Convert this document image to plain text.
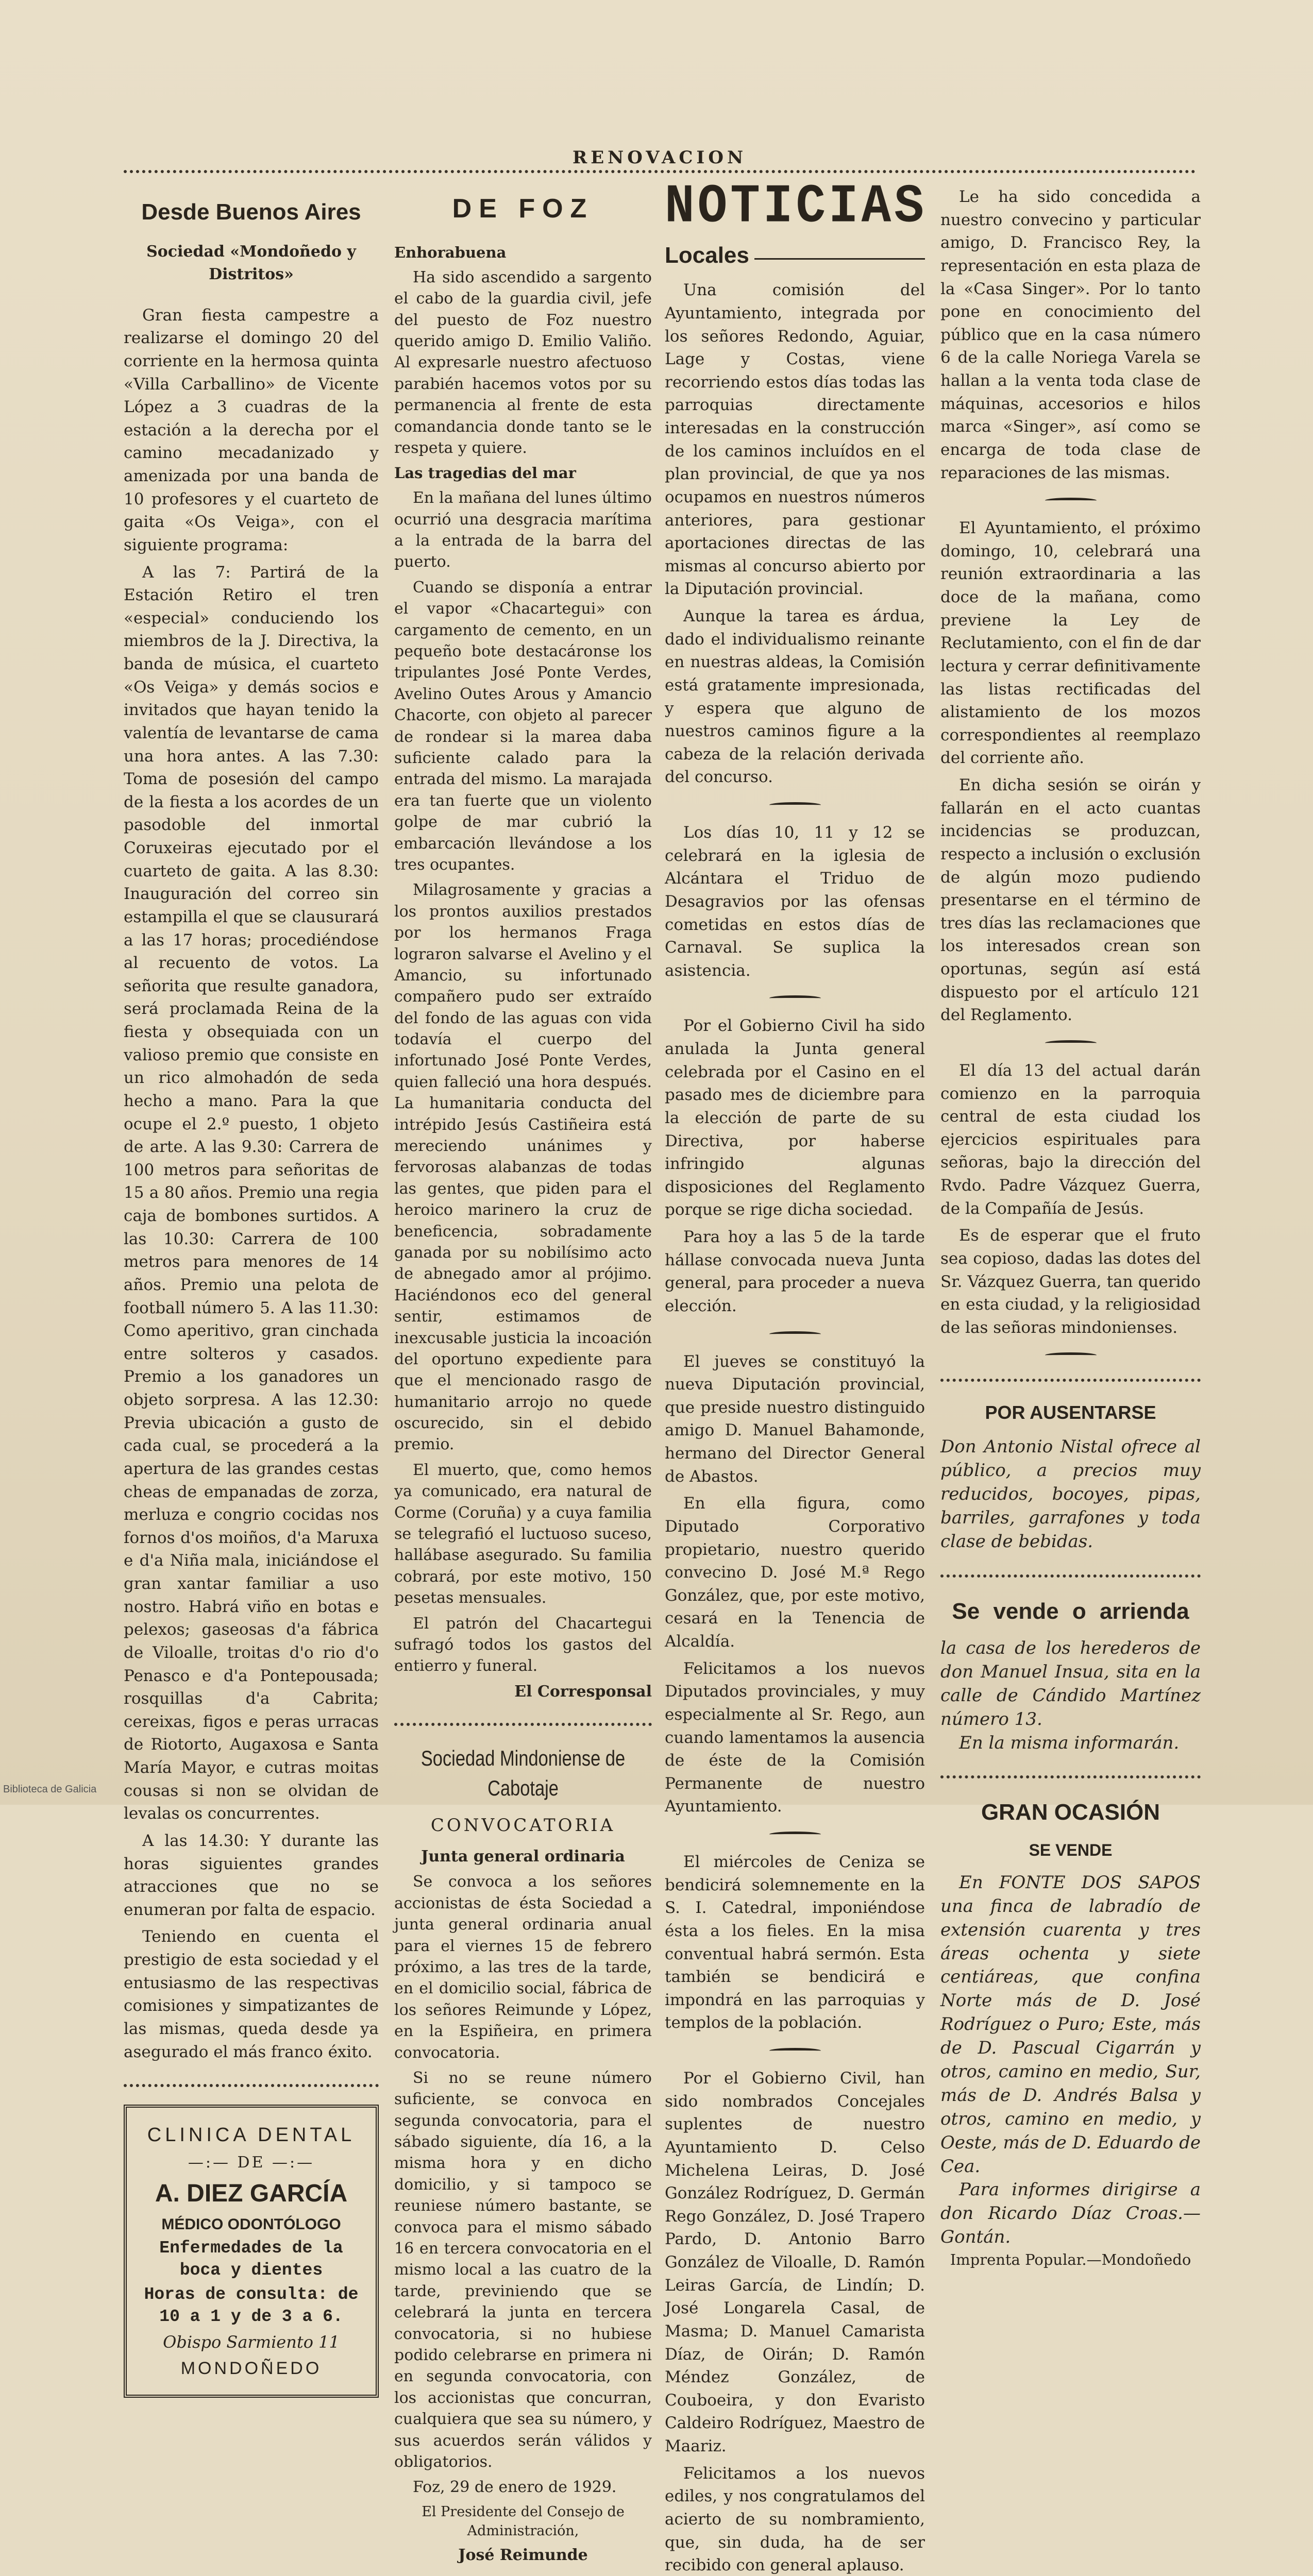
RENOVACION
Desde Buenos Aires
Sociedad «Mondoñedo y Distritos»

Gran fiesta campestre a realizarse el domingo 20 del corriente en la hermosa quinta «Villa Carballino» de Vicente López a 3 cuadras de la estación a la derecha por el camino mecadanizado y amenizada por una banda de 10 profesores y el cuarteto de gaita «Os Veiga», con el siguiente programa:

A las 7: Partirá de la Estación Retiro el tren «especial» conduciendo los miembros de la J. Directiva, la banda de música, el cuarteto «Os Veiga» y demás socios e invitados que hayan tenido la valentía de levantarse de cama una hora antes. A las 7.30: Toma de posesión del campo de la fiesta a los acordes de un pasodoble del inmortal Coruxeiras ejecutado por el cuarteto de gaita. A las 8.30: Inauguración del correo sin estampilla el que se clausurará a las 17 horas; procediéndose al recuento de votos. La señorita que resulte ganadora, será proclamada Reina de la fiesta y obsequiada con un valioso premio que consiste en un rico almohadón de seda hecho a mano. Para la que ocupe el 2.º puesto, 1 objeto de arte. A las 9.30: Carrera de 100 metros para señoritas de 15 a 80 años. Premio una regia caja de bombones surtidos. A las 10.30: Carrera de 100 metros para menores de 14 años. Premio una pelota de football número 5. A las 11.30: Como aperitivo, gran cinchada entre solteros y casados. Premio a los ganadores un objeto sorpresa. A las 12.30: Previa ubicación a gusto de cada cual, se procederá a la apertura de las grandes cestas cheas de empanadas de zorza, merluza e congrio cocidas nos fornos d'os moiños, d'a Maruxa e d'a Niña mala, iniciándose el gran xantar familiar a uso nostro. Habrá viño en botas e pelexos; gaseosas d'a fábrica de Viloalle, troitas d'o rio d'o Penasco e d'a Pontepousada; rosquillas d'a Cabrita; cereixas, figos e peras urracas de Riotorto, Augaxosa e Santa María Mayor, e cutras moitas cousas si non se olvidan de levalas os concurrentes.

A las 14.30: Y durante las horas siguientes grandes atracciones que no se enumeran por falta de espacio.

Teniendo en cuenta el prestigio de esta sociedad y el entusiasmo de las respectivas comisiones y simpatizantes de las mismas, queda desde ya asegurado el más franco éxito.

CLINICA DENTAL
—:— DE —:—
A. DIEZ GARCÍA
MÉDICO ODONTÓLOGO
Enfermedades de la boca y dientes
Horas de consulta: de 10 a 1 y de 3 a 6.
Obispo Sarmiento 11
MONDOÑEDO
DE FOZ

Enhorabuena

Ha sido ascendido a sargento el cabo de la guardia civil, jefe del puesto de Foz nuestro querido amigo D. Emilio Valiño. Al expresarle nuestro afectuoso parabién hacemos votos por su permanencia al frente de esta comandancia donde tanto se le respeta y quiere.

Las tragedias del mar

En la mañana del lunes último ocurrió una desgracia marítima a la entrada de la barra del puerto.

Cuando se disponía a entrar el vapor «Chacartegui» con cargamento de cemento, en un pequeño bote destacáronse los tripulantes José Ponte Verdes, Avelino Outes Arous y Amancio Chacorte, con objeto al parecer de rondear si la marea daba suficiente calado para la entrada del mismo. La marajada era tan fuerte que un violento golpe de mar cubrió la embarcación llevándose a los tres ocupantes.

Milagrosamente y gracias a los prontos auxilios prestados por los hermanos Fraga lograron salvarse el Avelino y el Amancio, su infortunado compañero pudo ser extraído del fondo de las aguas con vida todavía el cuerpo del infortunado José Ponte Verdes, quien falleció una hora después. La humanitaria conducta del intrépido Jesús Castiñeira está mereciendo unánimes y fervorosas alabanzas de todas las gentes, que piden para el heroico marinero la cruz de beneficencia, sobradamente ganada por su nobilísimo acto de abnegado amor al prójimo. Haciéndonos eco del general sentir, estimamos de inexcusable justicia la incoación del oportuno expediente para que el mencionado rasgo de humanitario arrojo no quede oscurecido, sin el debido premio.

El muerto, que, como hemos ya comunicado, era natural de Corme (Coruña) y a cuya familia se telegrafió el luctuoso suceso, hallábase asegurado. Su familia cobrará, por este motivo, 150 pesetas mensuales.

El patrón del Chacartegui sufragó todos los gastos del entierro y funeral.

El Corresponsal

Sociedad Mindoniense de Cabotaje
CONVOCATORIA

Junta general ordinaria

Se convoca a los señores accionistas de ésta Sociedad a junta general ordinaria anual para el viernes 15 de febrero próximo, a las tres de la tarde, en el domicilio social, fábrica de los señores Reimunde y López, en la Espiñeira, en primera convocatoria.

Si no se reune número suficiente, se convoca en segunda convocatoria, para el sábado siguiente, día 16, a la misma hora y en dicho domicilio, y si tampoco se reuniese número bastante, se convoca para el mismo sábado 16 en tercera convocatoria en el mismo local a las cuatro de la tarde, previniendo que se celebrará la junta en tercera convocatoria, si no hubiese podido celebrarse en primera ni en segunda convocatoria, con los accionistas que concurran, cualquiera que sea su número, y sus acuerdos serán válidos y obligatorios.

Foz, 29 de enero de 1929.

El Presidente del Consejo de Administración,

José Reimunde

NOTICIAS
Locales

Una comisión del Ayuntamiento, integrada por los señores Redondo, Aguiar, Lage y Costas, viene recorriendo estos días todas las parroquias directamente interesadas en la construcción de los caminos incluídos en el plan provincial, de que ya nos ocupamos en nuestros números anteriores, para gestionar aportaciones directas de las mismas al concurso abierto por la Diputación provincial.

Aunque la tarea es árdua, dado el individualismo reinante en nuestras aldeas, la Comisión está gratamente impresionada, y espera que alguno de nuestros caminos figure a la cabeza de la relación derivada del concurso.

Los días 10, 11 y 12 se celebrará en la iglesia de Alcántara el Triduo de Desagravios por las ofensas cometidas en estos días de Carnaval. Se suplica la asistencia.

Por el Gobierno Civil ha sido anulada la Junta general celebrada por el Casino en el pasado mes de diciembre para la elección de parte de su Directiva, por haberse infringido algunas disposiciones del Reglamento porque se rige dicha sociedad.

Para hoy a las 5 de la tarde hállase convocada nueva Junta general, para proceder a nueva elección.

El jueves se constituyó la nueva Diputación provincial, que preside nuestro distinguido amigo D. Manuel Bahamonde, hermano del Director General de Abastos.

En ella figura, como Diputado Corporativo propietario, nuestro querido convecino D. José M.ª Rego González, que, por este motivo, cesará en la Tenencia de Alcaldía.

Felicitamos a los nuevos Diputados provinciales, y muy especialmente al Sr. Rego, aun cuando lamentamos la ausencia de éste de la Comisión Permanente de nuestro Ayuntamiento.

El miércoles de Ceniza se bendicirá solemnemente en la S. I. Catedral, imponiéndose ésta a los fieles. En la misa conventual habrá sermón. Esta también se bendicirá e impondrá en las parroquias y templos de la población.

Por el Gobierno Civil, han sido nombrados Concejales suplentes de nuestro Ayuntamiento D. Celso Michelena Leiras, D. José González Rodríguez, D. Germán Rego González, D. José Trapero Pardo, D. Antonio Barro González de Viloalle, D. Ramón Leiras García, de Lindín; D. José Longarela Casal, de Masma; D. Manuel Camarista Díaz, de Oirán; D. Ramón Méndez González, de Couboeira, y don Evaristo Caldeiro Rodríguez, Maestro de Maariz.

Felicitamos a los nuevos ediles, y nos congratulamos del acierto de su nombramiento, que, sin duda, ha de ser recibido con general aplauso.

Le ha sido concedida a nuestro convecino y particular amigo, D. Francisco Rey, la representación en esta plaza de la «Casa Singer». Por lo tanto pone en conocimiento del público que en la casa número 6 de la calle Noriega Varela se hallan a la venta toda clase de máquinas, accesorios e hilos marca «Singer», así como se encarga de toda clase de reparaciones de las mismas.

El Ayuntamiento, el próximo domingo, 10, celebrará una reunión extraordinaria a las doce de la mañana, como previene la Ley de Reclutamiento, con el fin de dar lectura y cerrar definitivamente las listas rectificadas del alistamiento de los mozos correspondientes al reemplazo del corriente año.

En dicha sesión se oirán y fallarán en el acto cuantas incidencias se produzcan, respecto a inclusión o exclusión de algún mozo pudiendo presentarse en el término de tres días las reclamaciones que los interesados crean son oportunas, según así está dispuesto por el artículo 121 del Reglamento.

El día 13 del actual darán comienzo en la parroquia central de esta ciudad los ejercicios espirituales para señoras, bajo la dirección del Rvdo. Padre Vázquez Guerra, de la Compañía de Jesús.

Es de esperar que el fruto sea copioso, dadas las dotes del Sr. Vázquez Guerra, tan querido en esta ciudad, y la religiosidad de las señoras mindonienses.

POR AUSENTARSE
Don Antonio Nistal ofrece al público, a precios muy reducidos, bocoyes, pipas, barriles, garrafones y toda clase de bebidas.
Se vende o arrienda
la casa de los herederos de don Manuel Insua, sita en la calle de Cándido Martínez número 13.
En la misma informarán.
GRAN OCASIÓN
SE VENDE
En FONTE DOS SAPOS una finca de labradío de extensión cuarenta y tres áreas ochenta y siete centiáreas, que confina Norte más de D. José Rodríguez o Puro; Este, más de D. Pascual Cigarrán y otros, camino en medio, Sur, más de D. Andrés Balsa y otros, camino en medio, y Oeste, más de D. Eduardo de Cea.
Para informes dirigirse a don Ricardo Díaz Croas.—Gontán.

Imprenta Popular.—Mondoñedo

Biblioteca de Galicia
